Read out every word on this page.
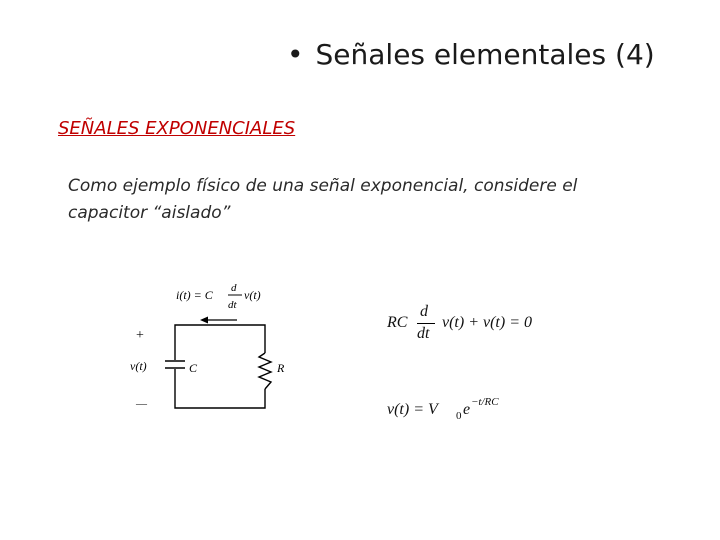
• Señales elementales (4)
SEÑALES EXPONENCIALES
Como ejemplo físico de una señal exponencial, considere el
capacitor “aislado”
i(t) = C d
dt
v(t)
+
—
v(t)	C	R
RC
d
dt
v(t) + v(t) = 0
v(t) = V 0 e −t/RC
